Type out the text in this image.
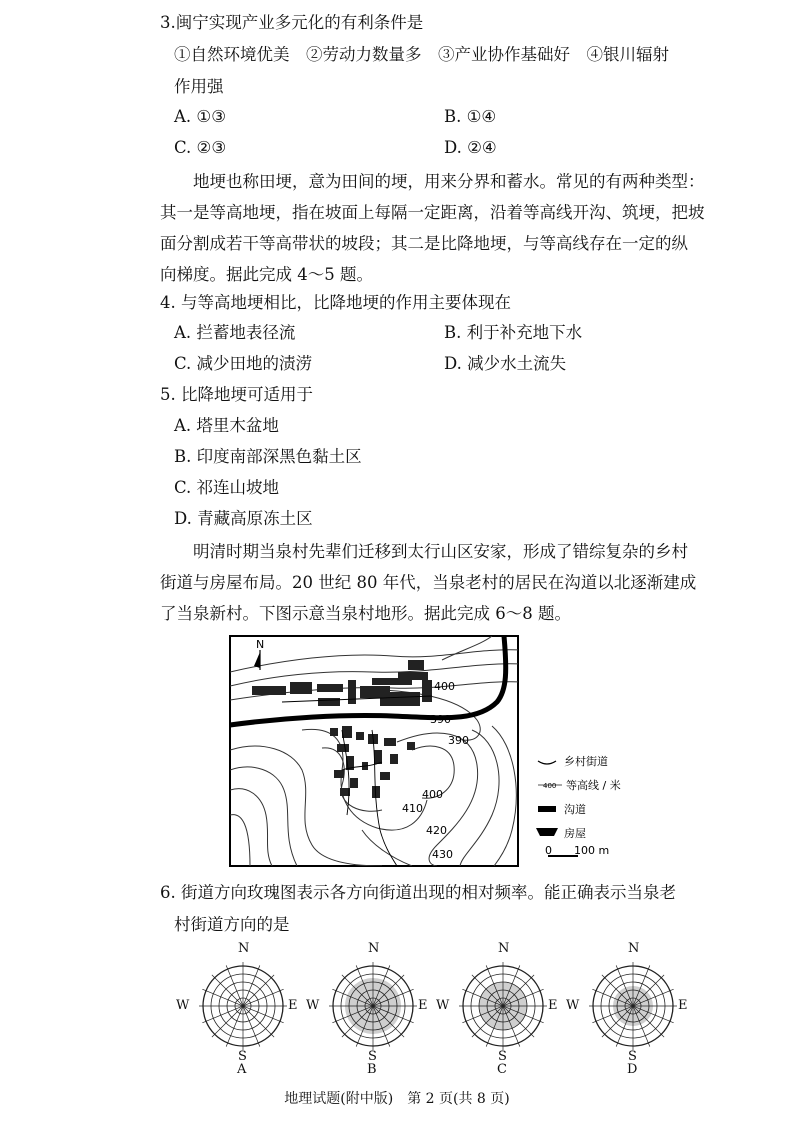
3.闽宁实现产业多元化的有利条件是
①自然环境优美　②劳动力数量多　③产业协作基础好　④银川辐射
作用强
A. ①③	B. ①④
C. ②③	D. ②④
地埂也称田埂，意为田间的埂，用来分界和蓄水。常见的有两种类型：
其一是等高地埂，指在坡面上每隔一定距离，沿着等高线开沟、筑埂，把坡
面分割成若干等高带状的坡段；其二是比降地埂，与等高线存在一定的纵
向梯度。据此完成 4～5 题。
4. 与等高地埂相比，比降地埂的作用主要体现在
A. 拦蓄地表径流	B. 利于补充地下水
C. 减少田地的渍涝	D. 减少水土流失
5. 比降地埂可适用于
A. 塔里木盆地
B. 印度南部深黑色黏土区
C. 祁连山坡地
D. 青藏高原冻土区
明清时期当泉村先辈们迁移到太行山区安家，形成了错综复杂的乡村
街道与房屋布局。20 世纪 80 年代，当泉老村的居民在沟道以北逐渐建成
了当泉新村。下图示意当泉村地形。据此完成 6～8 题。
N
400
390
390
400
410
420
430
乡村街道
400 等高线 / 米
沟道
房屋
0 100 m
6. 街道方向玫瑰图表示各方向街道出现的相对频率。能正确表示当泉老
村街道方向的是
N
S
W	E
A
N
S
W	E
B
N
S
W	E
C
N
S
W	E
D
地理试题(附中版)　第 2 页(共 8 页)
